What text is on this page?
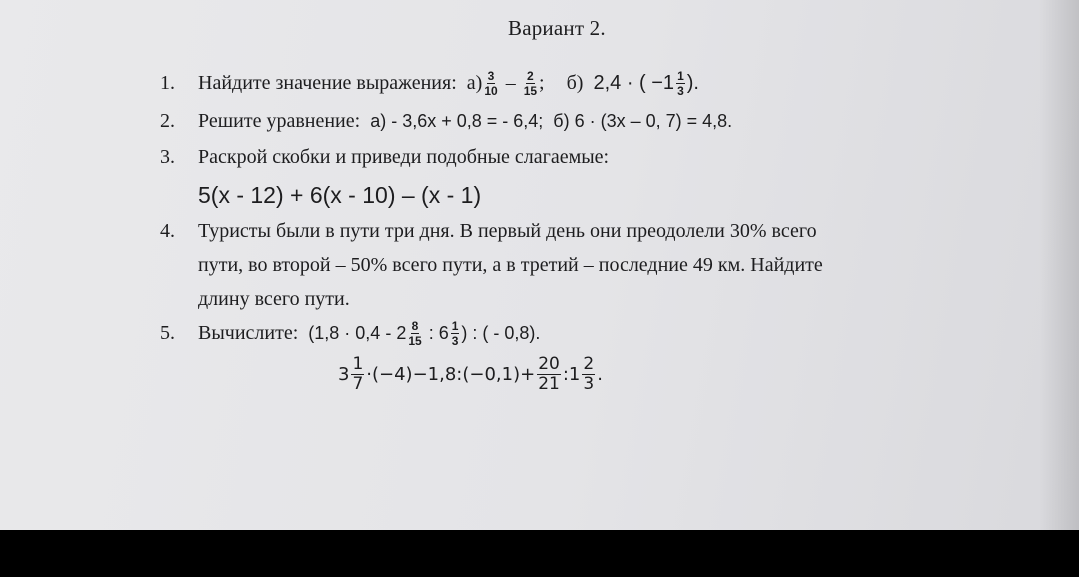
Вариант 2.
1.	Найдите значение выражения: $а) \frac{3}{10} - \frac{2}{15}$ ; б) 2,4 · ( $-1 \frac{1}{3}$ ).
2.	Решите уравнение: а) - 3,6х + 0,8 = - 6,4; б) 6 · (3х – 0, 7) = 4,8.
3.	Раскрой скобки и приведи подобные слагаемые:
5(х - 12) + 6(х - 10) – (х - 1)
4.	Туристы были в пути три дня. В первый день они преодолели 30% всего
пути, во второй – 50% всего пути, а в третий – последние 49 км. Найдите
длину всего пути.
5.	Вычислите: ($1,8 \cdot 0,4 - 2 \frac{8}{15}$ : $6 \frac{1}{3}$ ) : ( - 0,8).
$3 \frac{1}{7}$ ·(−4)−1,8:(−0,1)+ $\frac{20}{21}$ :1 $\frac{2}{3}$ .
